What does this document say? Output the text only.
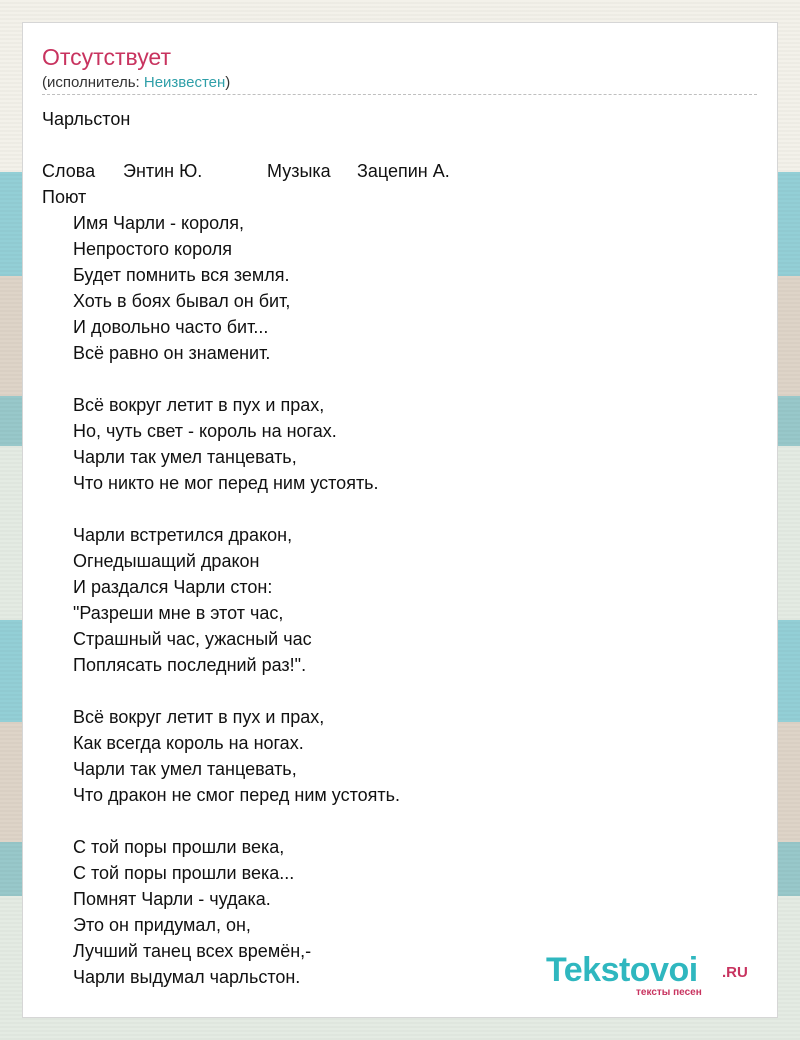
Отсутствует
(исполнитель: Неизвестен)
Чарльстон
Слова Энтин Ю.	Музыка Зацепин А.
Поют
Имя Чарли - короля,
Непростого короля
Будет помнить вся земля.
Хоть в боях бывал он бит,
И довольно часто бит...
Всё равно он знаменит.
Всё вокруг летит в пух и прах,
Но, чуть свет - король на ногах.
Чарли так умел танцевать,
Что никто не мог перед ним устоять.
Чарли встретился дракон,
Огнедышащий дракон
И раздался Чарли стон:
"Разреши мне в этот час,
Страшный час, ужасный час
Поплясать последний раз!".
Всё вокруг летит в пух и прах,
Как всегда король на ногах.
Чарли так умел танцевать,
Что дракон не смог перед ним устоять.
С той поры прошли века,
С той поры прошли века...
Помнят Чарли - чудака.
Это он придумал, он,
Лучший танец всех времён,-
Чарли выдумал чарльстон.	Tekstovoi .RU
тексты песен
